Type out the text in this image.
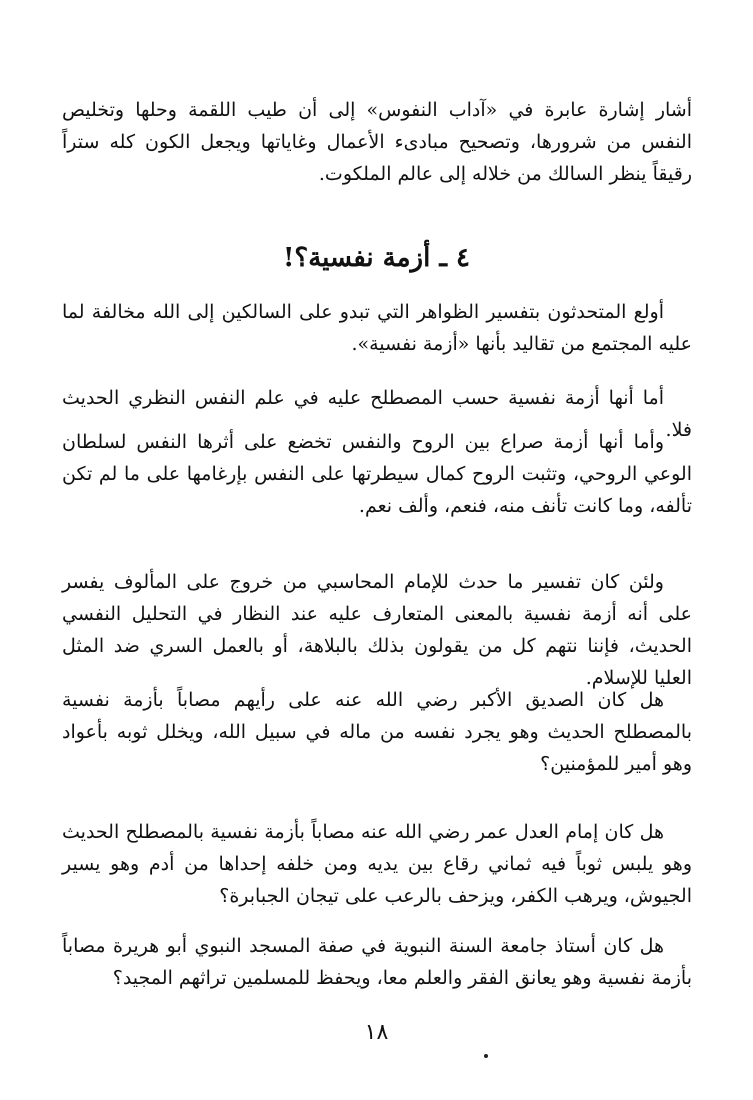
أشار إشارة عابرة في «آداب النفوس» إلى أن طيب اللقمة وحلها وتخليص النفس من شرورها، وتصحيح مبادىء الأعمال وغاياتها ويجعل الكون كله ستراً رقيقاً ينظر السالك من خلاله إلى عالم الملكوت.

٤ ـ أزمة نفسية؟!

أولع المتحدثون بتفسير الظواهر التي تبدو على السالكين إلى الله مخالفة لما عليه المجتمع من تقاليد بأنها «أزمة نفسية».

أما أنها أزمة نفسية حسب المصطلح عليه في علم النفس النظري الحديث فلا.

وأما أنها أزمة صراع بين الروح والنفس تخضع على أثرها النفس لسلطان الوعي الروحي، وتثبت الروح كمال سيطرتها على النفس بإرغامها على ما لم تكن تألفه، وما كانت تأنف منه، فنعم، وألف نعم.

ولئن كان تفسير ما حدث للإمام المحاسبي من خروج على المألوف يفسر على أنه أزمة نفسية بالمعنى المتعارف عليه عند النظار في التحليل النفسي الحديث، فإننا نتهم كل من يقولون بذلك بالبلاهة، أو بالعمل السري ضد المثل العليا للإسلام.

هل كان الصديق الأكبر رضي الله عنه على رأيهم مصاباً بأزمة نفسية بالمصطلح الحديث وهو يجرد نفسه من ماله في سبيل الله، ويخلل ثوبه بأعواد وهو أمير للمؤمنين؟

هل كان إمام العدل عمر رضي الله عنه مصاباً بأزمة نفسية بالمصطلح الحديث وهو يلبس ثوباً فيه ثماني رقاع بين يديه ومن خلفه إحداها من أدم وهو يسير الجيوش، ويرهب الكفر، ويزحف بالرعب على تيجان الجبابرة؟

هل كان أستاذ جامعة السنة النبوية في صفة المسجد النبوي أبو هريرة مصاباً بأزمة نفسية وهو يعانق الفقر والعلم معا، ويحفظ للمسلمين تراثهم المجيد؟

١٨
